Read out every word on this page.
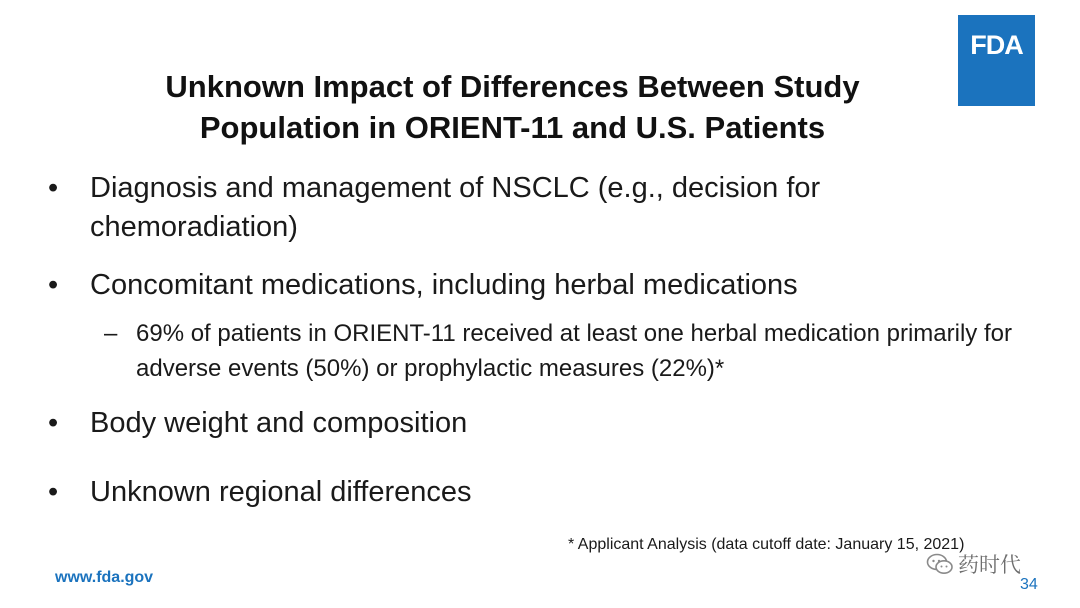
FDA
Unknown Impact of Differences Between Study
Population in ORIENT-11 and U.S. Patients
•	Diagnosis and management of NSCLC (e.g., decision for chemoradiation)
•	Concomitant medications, including herbal medications
– 69% of patients in ORIENT-11 received at least one herbal medication primarily for adverse events (50%) or prophylactic measures (22%)*
•	Body weight and composition
•	Unknown regional differences
* Applicant Analysis (data cutoff date: January 15, 2021)
www.fda.gov	34
药时代
